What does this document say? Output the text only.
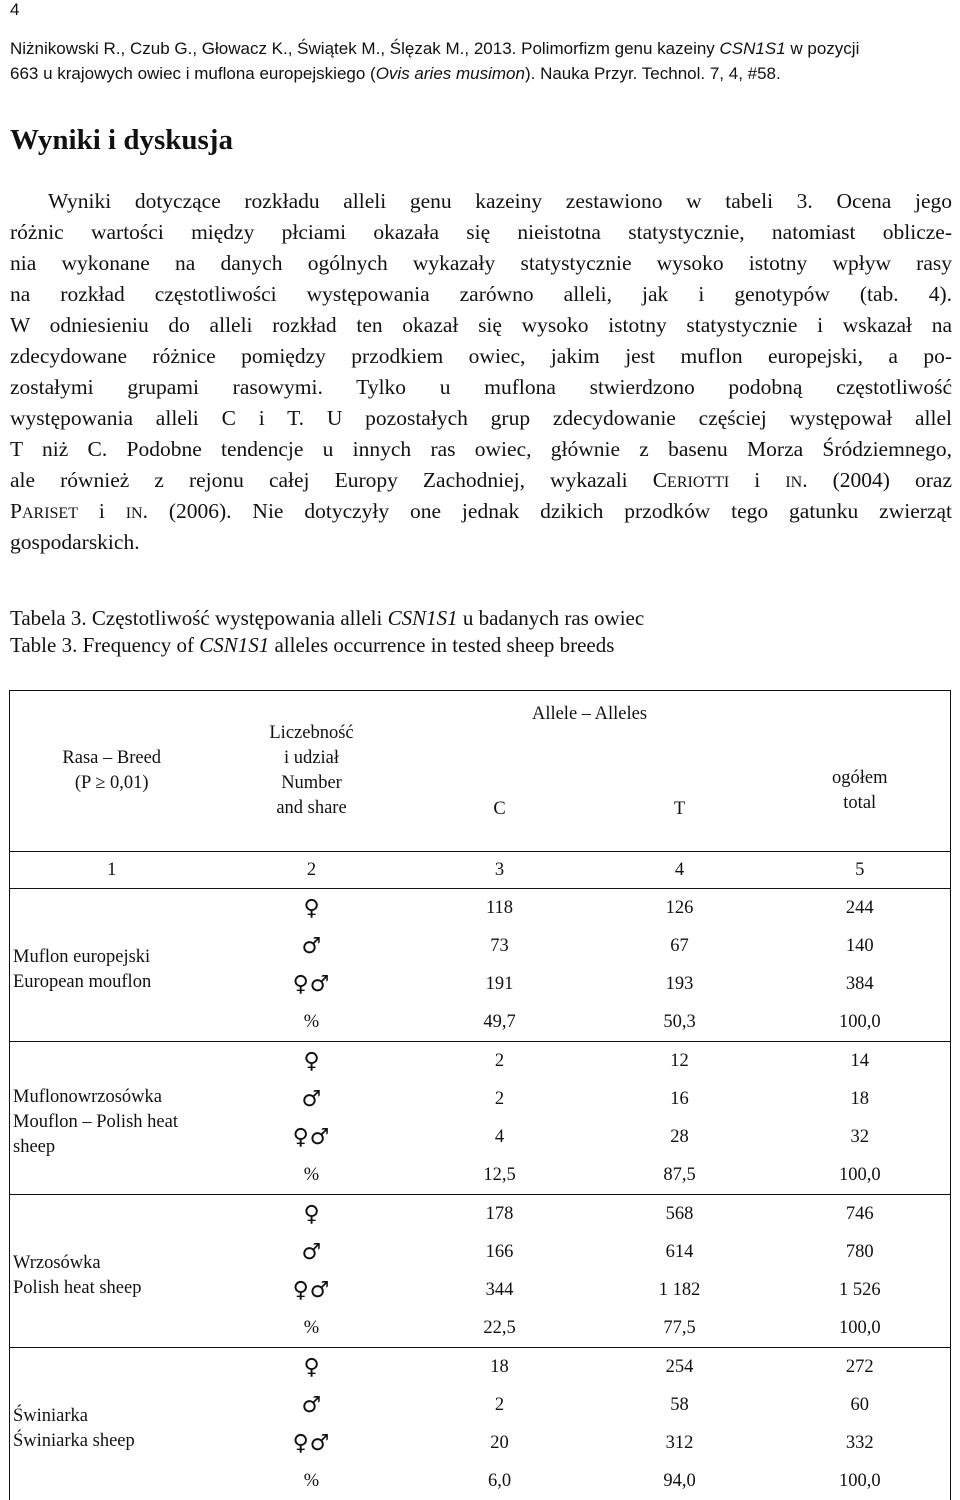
4
Niżnikowski R., Czub G., Głowacz K., Świątek M., Ślęzak M., 2013. Polimorfizm genu kazeiny CSN1S1 w pozycji
663 u krajowych owiec i muflona europejskiego (Ovis aries musimon). Nauka Przyr. Technol. 7, 4, #58.
Wyniki i dyskusja
Wyniki dotyczące rozkładu alleli genu kazeiny zestawiono w tabeli 3. Ocena jego
różnic wartości między płciami okazała się nieistotna statystycznie, natomiast oblicze-
nia wykonane na danych ogólnych wykazały statystycznie wysoko istotny wpływ rasy
na rozkład częstotliwości występowania zarówno alleli, jak i genotypów (tab. 4).
W odniesieniu do alleli rozkład ten okazał się wysoko istotny statystycznie i wskazał na
zdecydowane różnice pomiędzy przodkiem owiec, jakim jest muflon europejski, a po-
zostałymi grupami rasowymi. Tylko u muflona stwierdzono podobną częstotliwość
występowania alleli C i T. U pozostałych grup zdecydowanie częściej występował allel
T niż C. Podobne tendencje u innych ras owiec, głównie z basenu Morza Śródziemnego,
ale również z rejonu całej Europy Zachodniej, wykazali CERIOTTI i IN. (2004) oraz
PARISET i IN. (2006). Nie dotyczyły one jednak dzikich przodków tego gatunku zwierząt
gospodarskich.
Tabela 3. Częstotliwość występowania alleli CSN1S1 u badanych ras owiec
Table 3. Frequency of CSN1S1 alleles occurrence in tested sheep breeds
Rasa – Breed
(P ≥ 0,01)	Liczebność
i udział
Number
and share	Allele – Alleles		ogółem
total

		C	T	
1	2	3	4	5

Muflon europejski
European mouflon	♀	118	126	244
	♂	73	67	140
	♀♂	191	193	384
	%	49,7	50,3	100,0

Muflonowrzosówka
Mouflon – Polish heat
sheep	♀	2	12	14
	♂	2	16	18
	♀♂	4	28	32
	%	12,5	87,5	100,0

Wrzosówka
Polish heat sheep	♀	178	568	746
	♂	166	614	780
	♀♂	344	1 182	1 526
	%	22,5	77,5	100,0

Świniarka
Świniarka sheep	♀	18	254	272
	♂	2	58	60
	♀♂	20	312	332
	%	6,0	94,0	100,0
